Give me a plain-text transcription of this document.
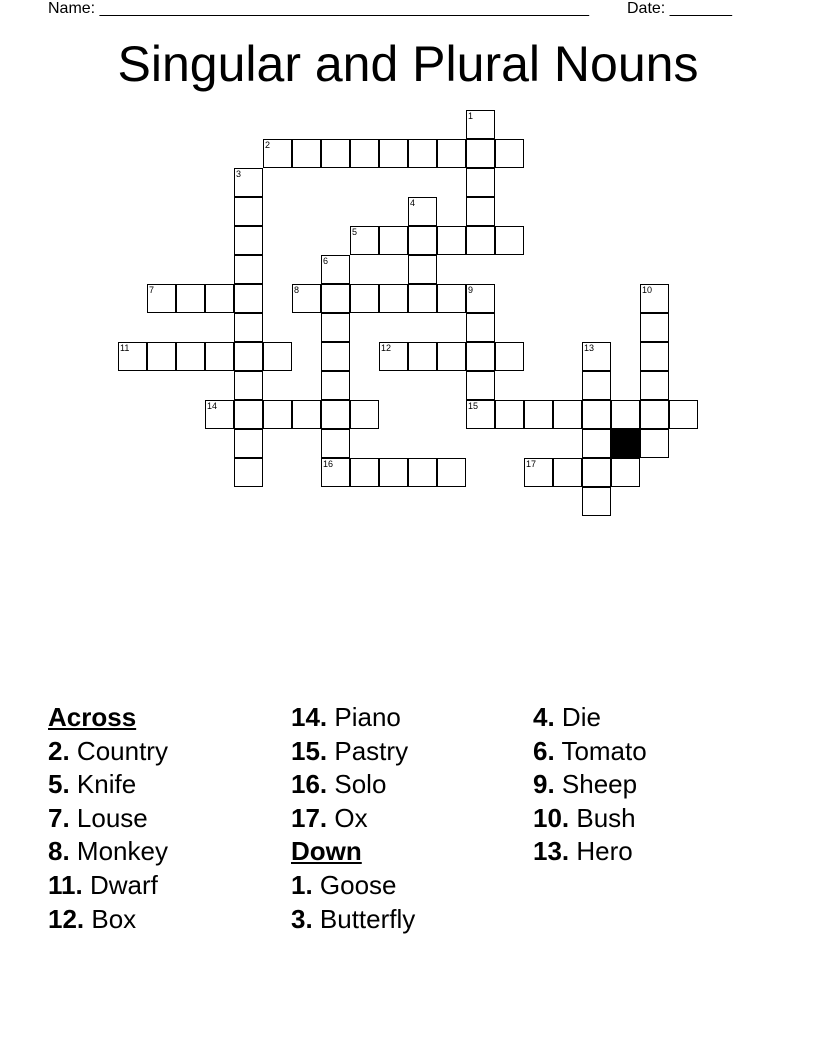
Name: _______________________________________________________ Date: _______
Singular and Plural Nouns
1
2
3
4
5
6
7	8	9	10
11	12	13
14	15
16	17
Across
2. Country
5. Knife
7. Louse
8. Monkey
11. Dwarf
12. Box
14. Piano
15. Pastry
16. Solo
17. Ox
Down
1. Goose
3. Butterfly
4. Die
6. Tomato
9. Sheep
10. Bush
13. Hero
